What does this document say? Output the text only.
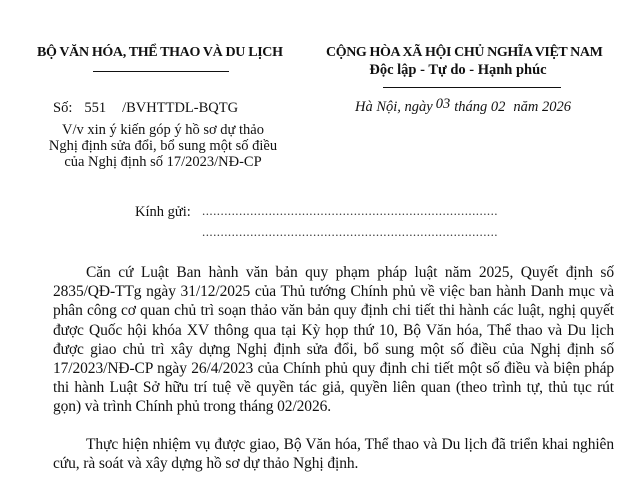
BỘ VĂN HÓA, THỂ THAO VÀ DU LỊCH	CỘNG HÒA XÃ HỘI CHỦ NGHĨA VIỆT NAM
Độc lập - Tự do - Hạnh phúc
Số: 551 /BVHTTDL-BQTG	Hà Nội, ngày 03 tháng 02 năm 2026
V/v xin ý kiến góp ý hồ sơ dự thảo
Nghị định sửa đổi, bổ sung một số điều
của Nghị định số 17/2023/NĐ-CP
Kính gửi: ................................................................................
................................................................................

Căn cứ Luật Ban hành văn bản quy phạm pháp luật năm 2025, Quyết định số 2835/QĐ-TTg ngày 31/12/2025 của Thủ tướng Chính phủ về việc ban hành Danh mục và phân công cơ quan chủ trì soạn thảo văn bản quy định chi tiết thi hành các luật, nghị quyết được Quốc hội khóa XV thông qua tại Kỳ họp thứ 10, Bộ Văn hóa, Thể thao và Du lịch được giao chủ trì xây dựng Nghị định sửa đổi, bổ sung một số điều của Nghị định số 17/2023/NĐ-CP ngày 26/4/2023 của Chính phủ quy định chi tiết một số điều và biện pháp thi hành Luật Sở hữu trí tuệ về quyền tác giả, quyền liên quan (theo trình tự, thủ tục rút gọn) và trình Chính phủ trong tháng 02/2026.

Thực hiện nhiệm vụ được giao, Bộ Văn hóa, Thể thao và Du lịch đã triển khai nghiên cứu, rà soát và xây dựng hồ sơ dự thảo Nghị định.
